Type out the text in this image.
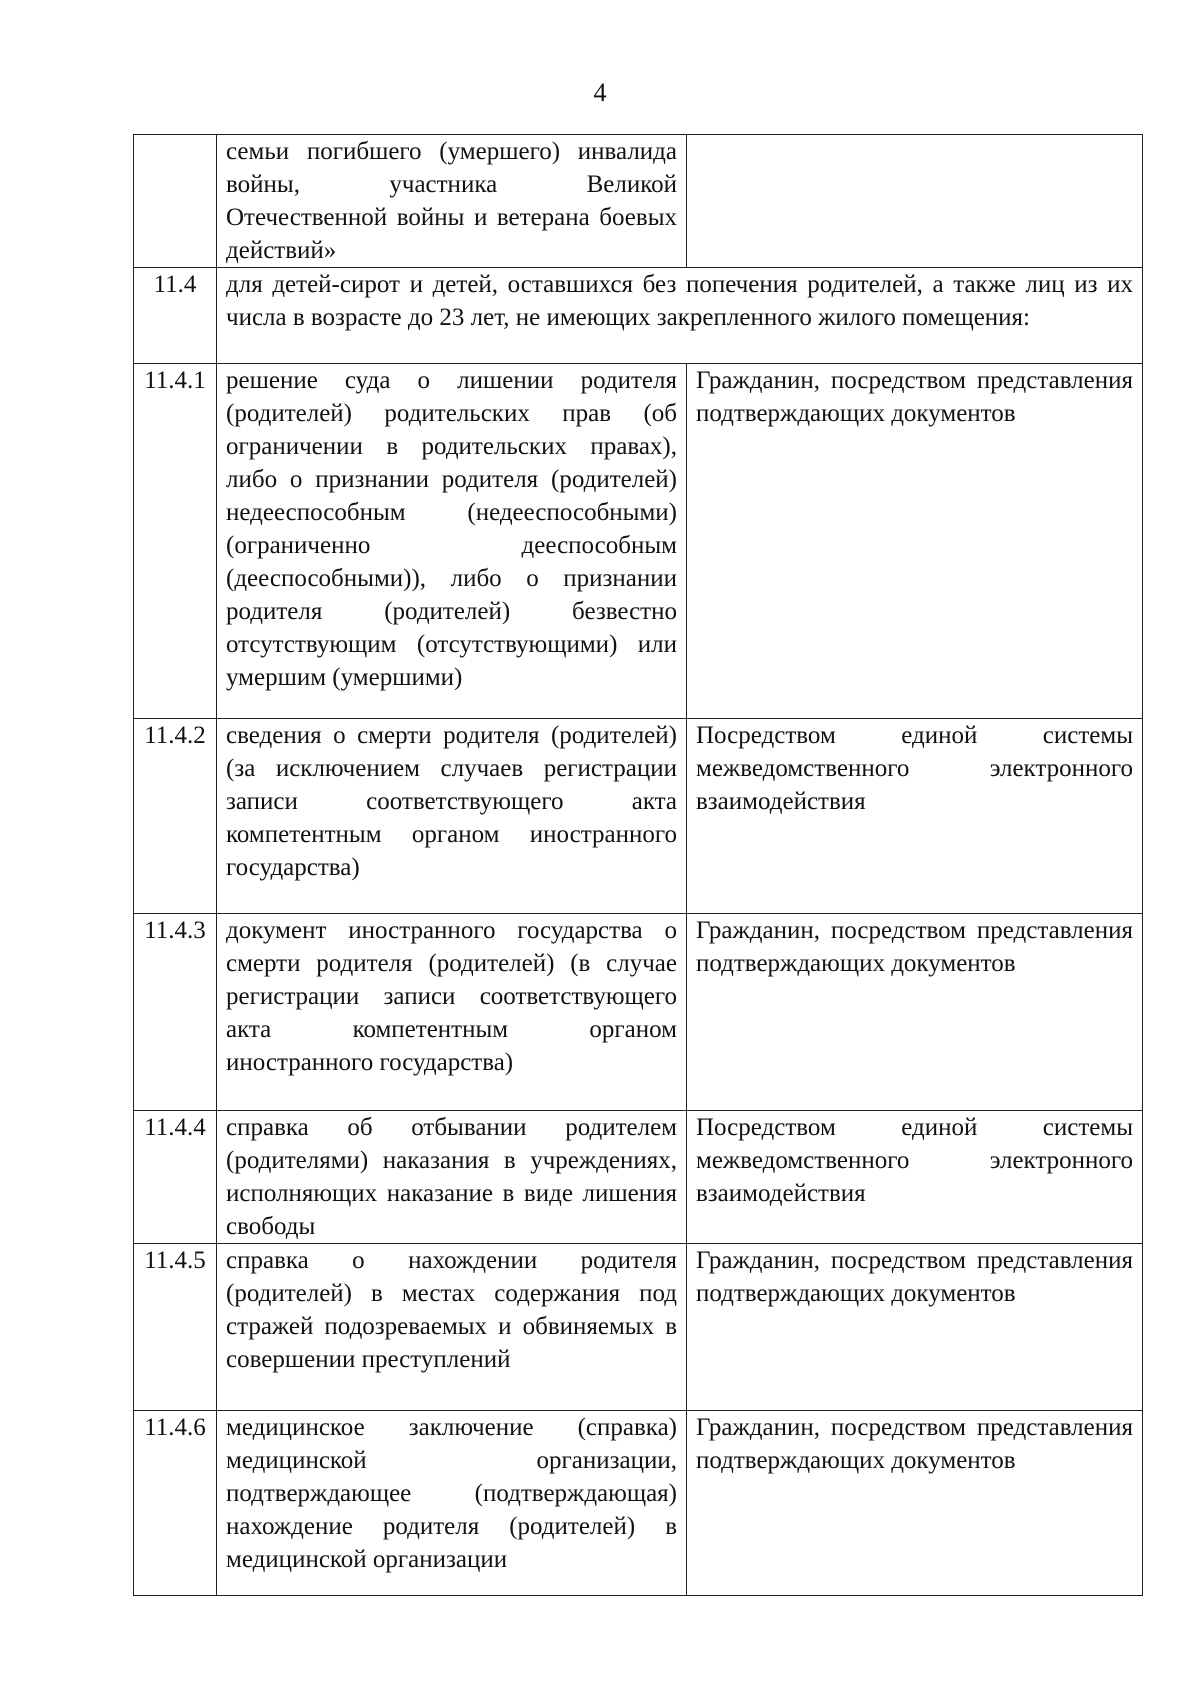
4
	семьи погибшего (умершего) инвалида войны, участника Великой Отечественной войны и ветерана боевых действий»	
11.4	для детей-сирот и детей, оставшихся без попечения родителей, а также лиц из их числа в возрасте до 23 лет, не имеющих закрепленного жилого помещения:	
11.4.1	решение суда о лишении родителя (родителей) родительских прав (об ограничении в родительских правах), либо о признании родителя (родителей) недееспособным (недееспособными) (ограниченно дееспособным (дееспособными)), либо о признании родителя (родителей) безвестно отсутствующим (отсутствующими) или умершим (умершими)	Гражданин, посредством представления подтверждающих документов
11.4.2	сведения о смерти родителя (родителей) (за исключением случаев регистрации записи соответствующего акта компетентным органом иностранного государства)	Посредством единой системы межведомственного электронного взаимодействия
11.4.3	документ иностранного государства о смерти родителя (родителей) (в случае регистрации записи соответствующего акта компетентным органом иностранного государства)	Гражданин, посредством представления подтверждающих документов
11.4.4	справка об отбывании родителем (родителями) наказания в учреждениях, исполняющих наказание в виде лишения свободы	Посредством единой системы межведомственного электронного взаимодействия
11.4.5	справка о нахождении родителя (родителей) в местах содержания под стражей подозреваемых и обвиняемых в совершении преступлений	Гражданин, посредством представления подтверждающих документов
11.4.6	медицинское заключение (справка) медицинской организации, подтверждающее (подтверждающая) нахождение родителя (родителей) в медицинской организации	Гражданин, посредством представления подтверждающих документов
